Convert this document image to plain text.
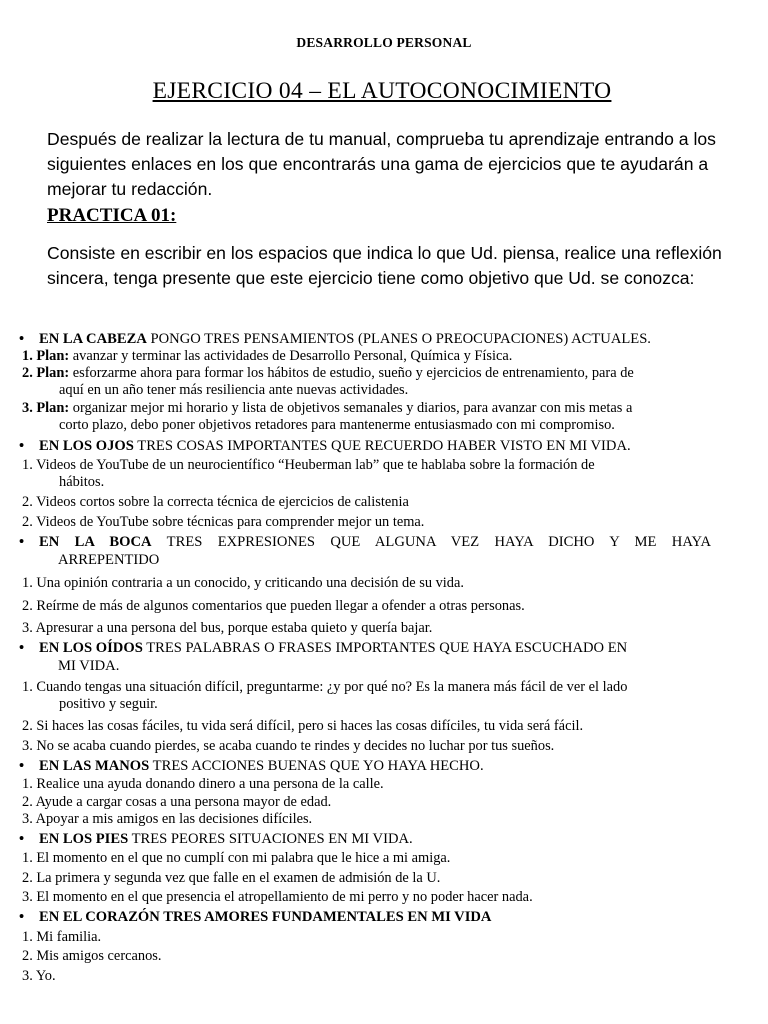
DESARROLLO PERSONAL
EJERCICIO 04 – EL AUTOCONOCIMIENTO
Después de realizar la lectura de tu manual, comprueba tu aprendizaje entrando a los siguientes enlaces en los que encontrarás una gama de ejercicios que te ayudarán a mejorar tu redacción.
PRACTICA 01:
Consiste en escribir en los espacios que indica lo que Ud. piensa, realice una reflexión sincera, tenga presente que este ejercicio tiene como objetivo que Ud. se conozca:
• EN LA CABEZA PONGO TRES PENSAMIENTOS (PLANES O PREOCUPACIONES) ACTUALES.
1. Plan: avanzar y terminar las actividades de Desarrollo Personal, Química y Física.
2. Plan: esforzarme ahora para formar los hábitos de estudio, sueño y ejercicios de entrenamiento, para de
aquí en un año tener más resiliencia ante nuevas actividades.
3. Plan: organizar mejor mi horario y lista de objetivos semanales y diarios, para avanzar con mis metas a
corto plazo, debo poner objetivos retadores para mantenerme entusiasmado con mi compromiso.
• EN LOS OJOS TRES COSAS IMPORTANTES QUE RECUERDO HABER VISTO EN MI VIDA.
1. Videos de YouTube de un neurocientífico “Heuberman lab” que te hablaba sobre la formación de
hábitos.
2. Videos cortos sobre la correcta técnica de ejercicios de calistenia
2. Videos de YouTube sobre técnicas para comprender mejor un tema.
• EN LA BOCA TRES EXPRESIONES QUE ALGUNA VEZ HAYA DICHO Y ME HAYA
ARREPENTIDO
1. Una opinión contraria a un conocido, y criticando una decisión de su vida.
2. Reírme de más de algunos comentarios que pueden llegar a ofender a otras personas.
3. Apresurar a una persona del bus, porque estaba quieto y quería bajar.
• EN LOS OÍDOS TRES PALABRAS O FRASES IMPORTANTES QUE HAYA ESCUCHADO EN
MI VIDA.
1. Cuando tengas una situación difícil, preguntarme: ¿y por qué no? Es la manera más fácil de ver el lado
positivo y seguir.
2. Si haces las cosas fáciles, tu vida será difícil, pero si haces las cosas difíciles, tu vida será fácil.
3. No se acaba cuando pierdes, se acaba cuando te rindes y decides no luchar por tus sueños.
• EN LAS MANOS TRES ACCIONES BUENAS QUE YO HAYA HECHO.
1. Realice una ayuda donando dinero a una persona de la calle.
2. Ayude a cargar cosas a una persona mayor de edad.
3. Apoyar a mis amigos en las decisiones difíciles.
• EN LOS PIES TRES PEORES SITUACIONES EN MI VIDA.
1. El momento en el que no cumplí con mi palabra que le hice a mi amiga.
2. La primera y segunda vez que falle en el examen de admisión de la U.
3. El momento en el que presencia el atropellamiento de mi perro y no poder hacer nada.
• EN EL CORAZÓN TRES AMORES FUNDAMENTALES EN MI VIDA
1. Mi familia.
2. Mis amigos cercanos.
3. Yo.
